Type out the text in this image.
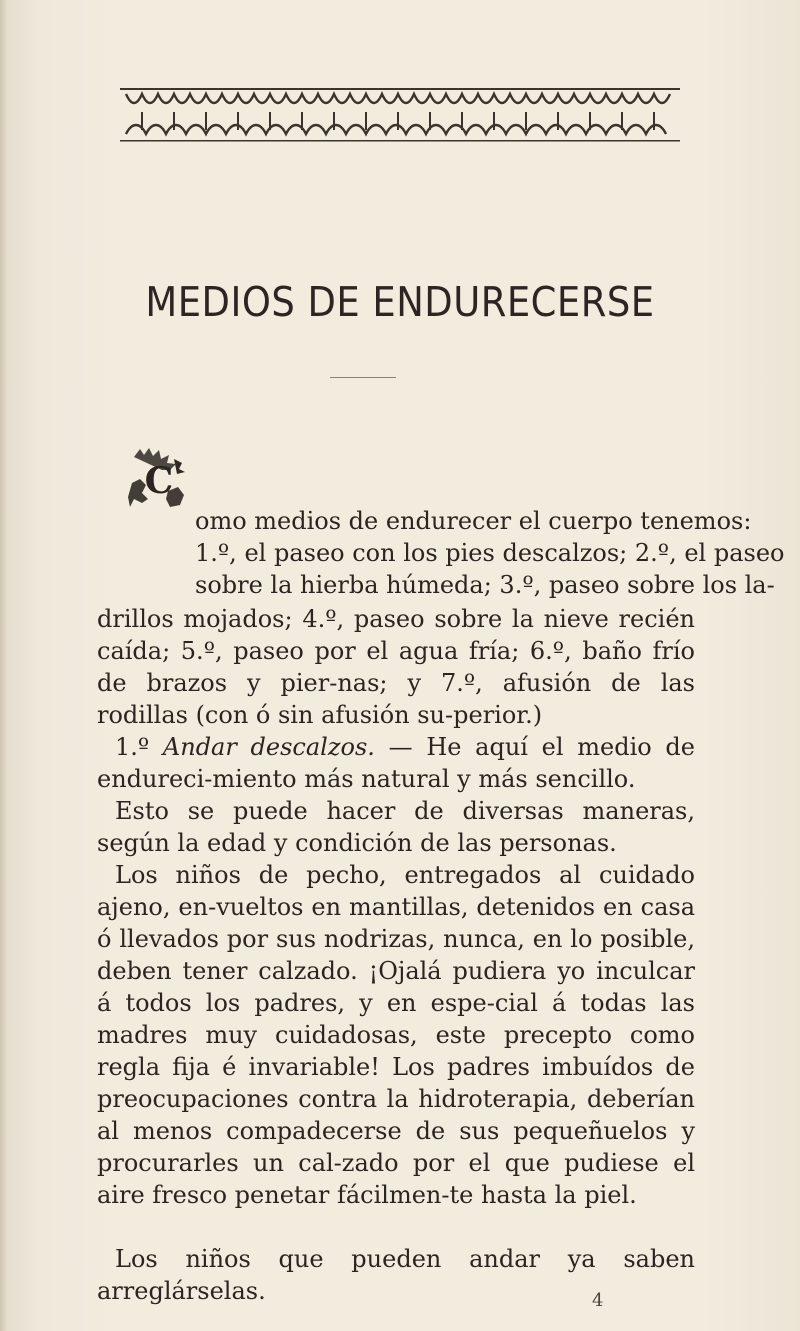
MEDIOS DE ENDURECERSE
C
omo medios de endurecer el cuerpo tenemos:
1.º, el paseo con los pies descalzos; 2.º, el paseo
sobre la hierba húmeda; 3.º, paseo sobre los la-
drillos mojados; 4.º, paseo sobre la nieve recién caída; 5.º, paseo por el agua fría; 6.º, baño frío de brazos y pier-nas; y 7.º, afusión de las rodillas (con ó sin afusión su-perior.)
1.º Andar descalzos. — He aquí el medio de endureci-miento más natural y más sencillo.
Esto se puede hacer de diversas maneras, según la edad y condición de las personas.
Los niños de pecho, entregados al cuidado ajeno, en-vueltos en mantillas, detenidos en casa ó llevados por sus nodrizas, nunca, en lo posible, deben tener calzado. ¡Ojalá pudiera yo inculcar á todos los padres, y en espe-cial á todas las madres muy cuidadosas, este precepto como regla fija é invariable! Los padres imbuídos de preocupaciones contra la hidroterapia, deberían al menos compadecerse de sus pequeñuelos y procurarles un cal-zado por el que pudiese el aire fresco penetar fácilmen-te hasta la piel.
Los niños que pueden andar ya saben arreglárselas.	4
